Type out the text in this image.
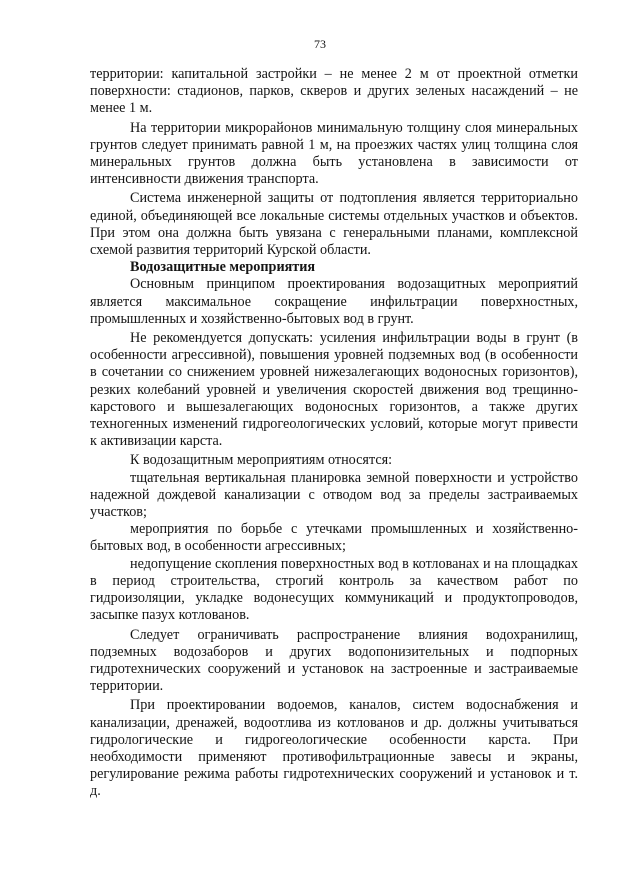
73

территории: капитальной застройки – не менее 2 м от проектной отметки поверхности: стадионов, парков, скверов и других зеленых насаждений – не менее 1 м.

На территории микрорайонов минимальную толщину слоя минеральных грунтов следует принимать равной 1 м, на проезжих частях улиц толщина слоя минеральных грунтов должна быть установлена в зависимости от интенсивности движения транспорта.

Система инженерной защиты от подтопления является территориально единой, объединяющей все локальные системы отдельных участков и объектов. При этом она должна быть увязана с генеральными планами, комплексной схемой развития территорий Курской области.

Водозащитные мероприятия

Основным принципом проектирования водозащитных мероприятий является максимальное сокращение инфильтрации поверхностных, промышленных и хозяйственно-бытовых вод в грунт.

Не рекомендуется допускать: усиления инфильтрации воды в грунт (в особенности агрессивной), повышения уровней подземных вод (в особенности в сочетании со снижением уровней нижезалегающих водоносных горизонтов), резких колебаний уровней и увеличения скоростей движения вод трещинно-карстового и вышезалегающих водоносных горизонтов, а также других техногенных изменений гидрогеологических условий, которые могут привести к активизации карста.

К водозащитным мероприятиям относятся:

тщательная вертикальная планировка земной поверхности и устройство надежной дождевой канализации с отводом вод за пределы застраиваемых участков;

мероприятия по борьбе с утечками промышленных и хозяйственно-бытовых вод, в особенности агрессивных;

недопущение скопления поверхностных вод в котлованах и на площадках в период строительства, строгий контроль за качеством работ по гидроизоляции, укладке водонесущих коммуникаций и продуктопроводов, засыпке пазух котлованов.

Следует ограничивать распространение влияния водохранилищ, подземных водозаборов и других водопонизительных и подпорных гидротехнических сооружений и установок на застроенные и застраиваемые территории.

При проектировании водоемов, каналов, систем водоснабжения и канализации, дренажей, водоотлива из котлованов и др. должны учитываться гидрологические и гидрогеологические особенности карста. При необходимости применяют противофильтрационные завесы и экраны, регулирование режима работы гидротехнических сооружений и установок и т. д.
